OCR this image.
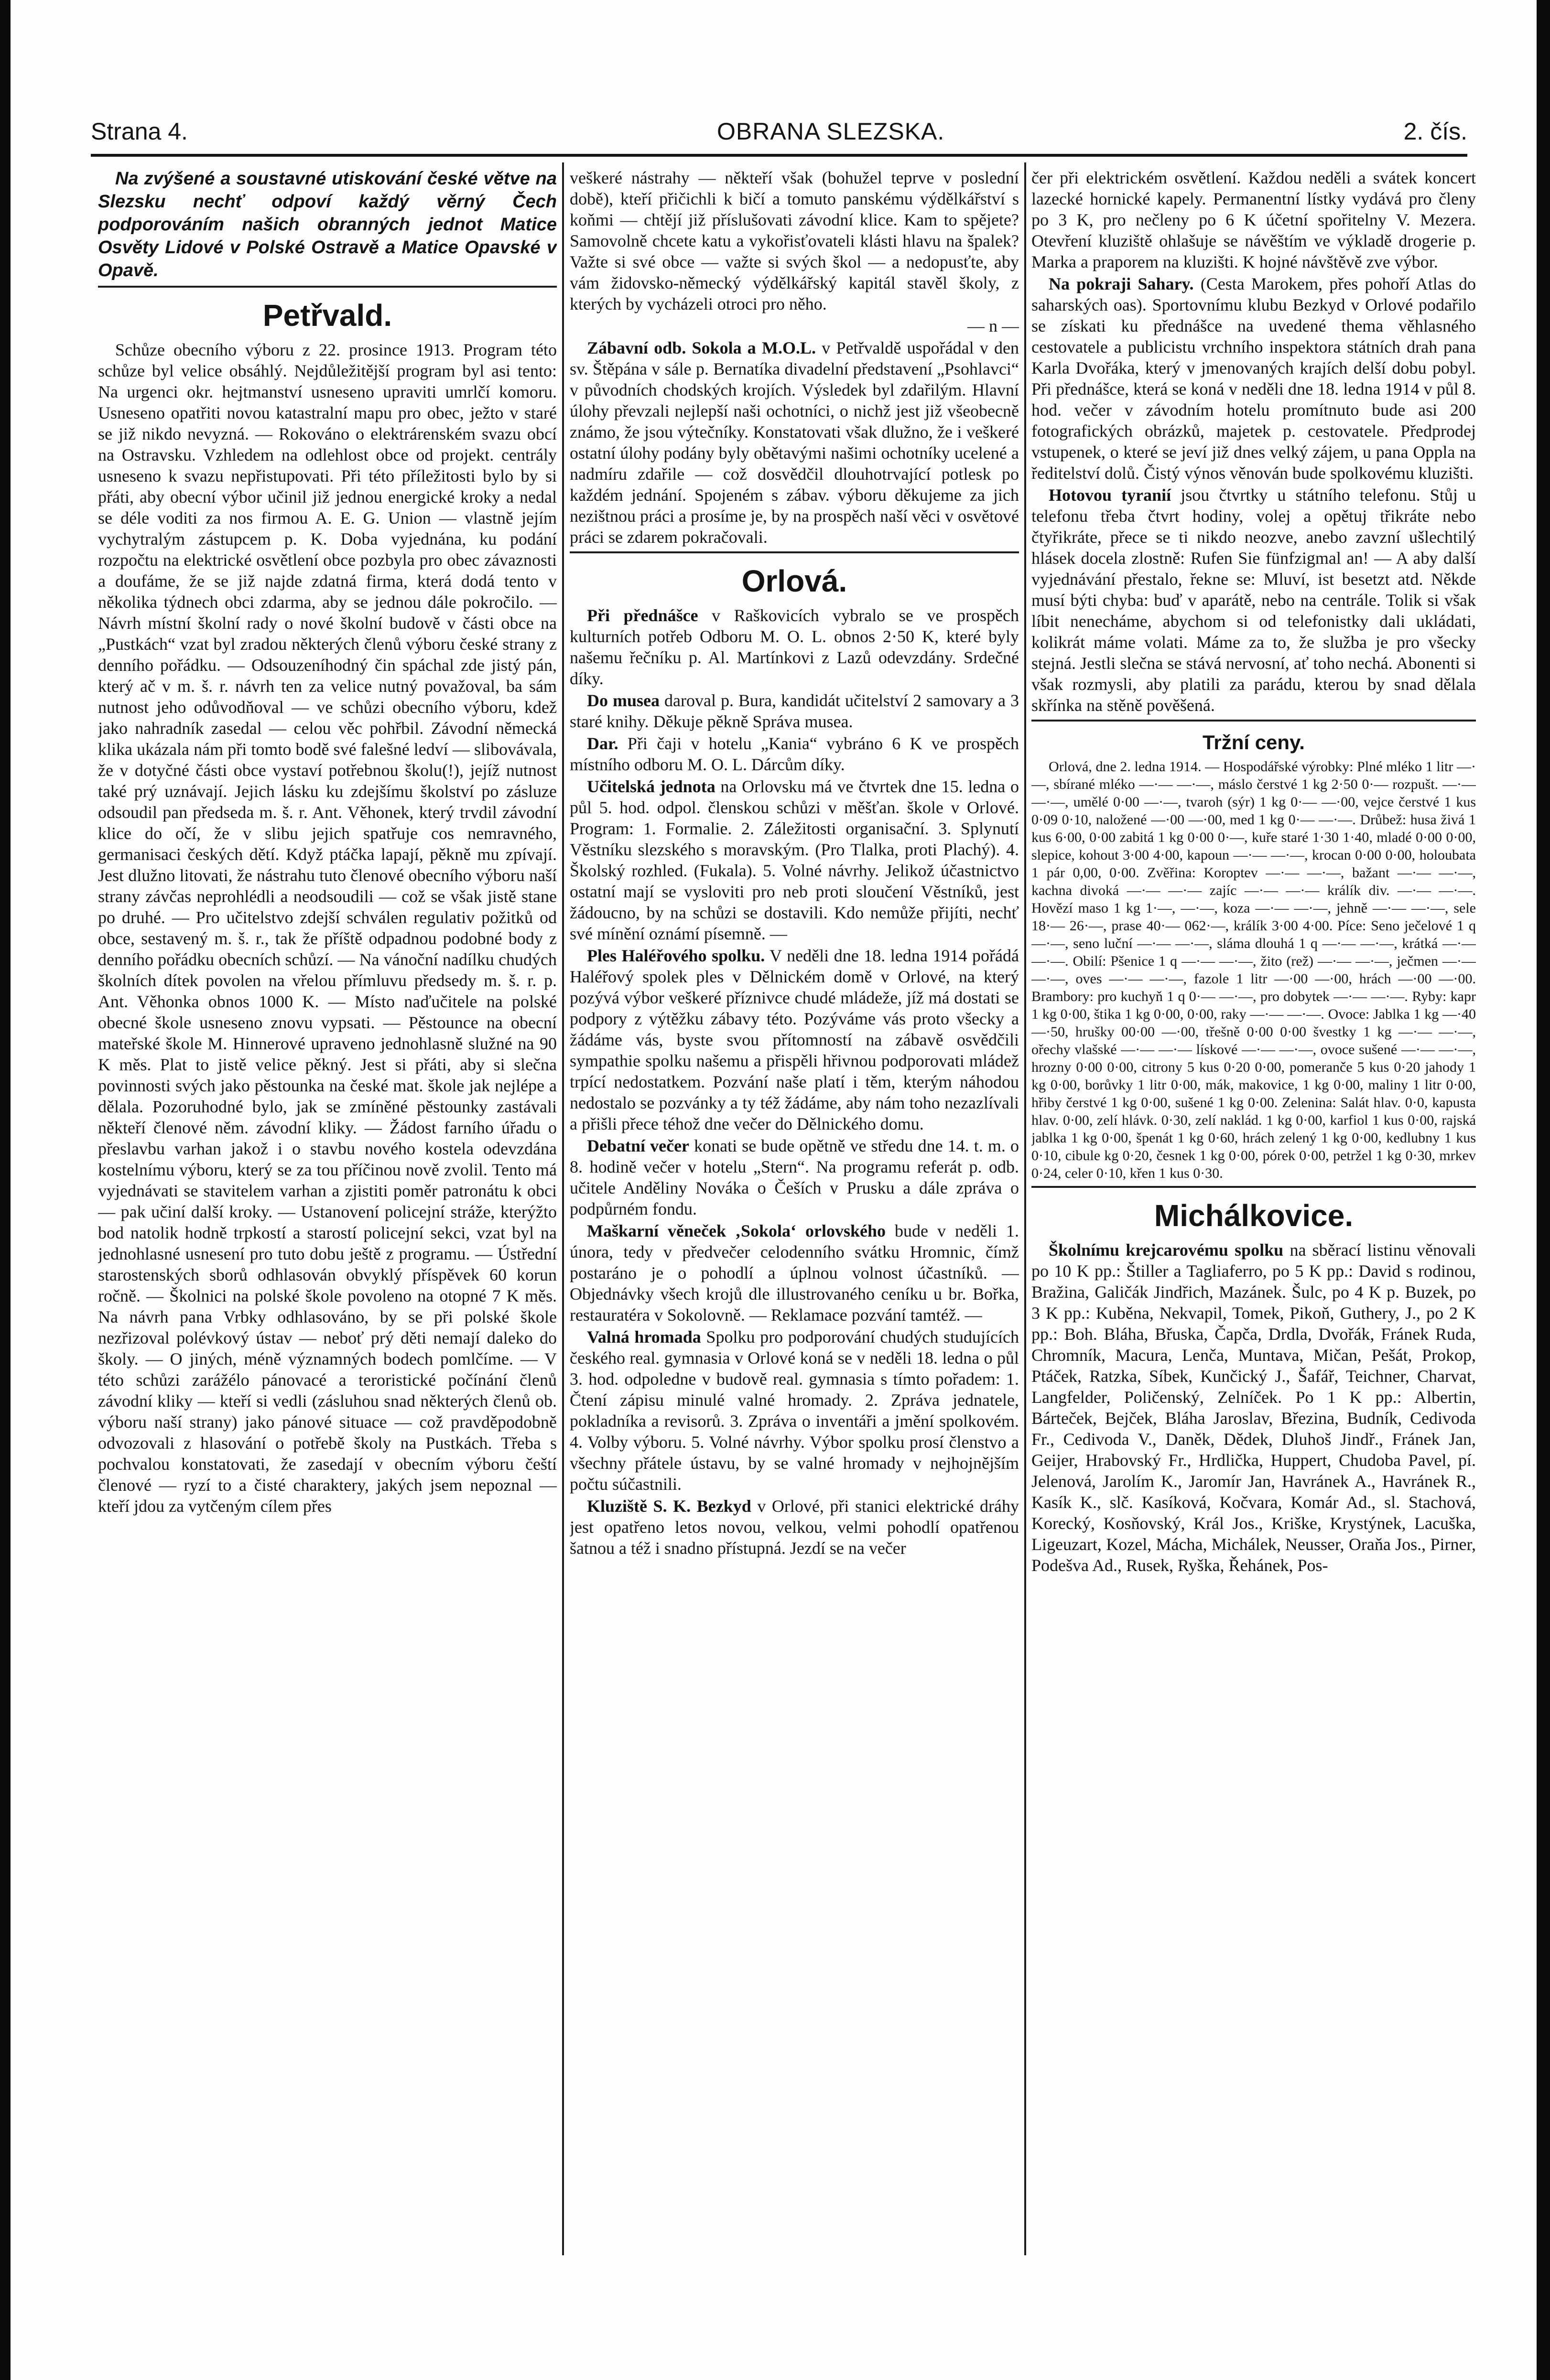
Strana 4.	OBRANA SLEZSKA.	2. čís.

Na zvýšené a soustavné utiskování české větve na Slezsku nechť odpoví každý věrný Čech podporováním našich obranných jednot Matice Osvěty Lidové v Polské Ostravě a Matice Opavské v Opavě.

Petřvald.

Schůze obecního výboru z 22. prosince 1913. Program této schůze byl velice obsáhlý. Nejdůležitější program byl asi tento: Na urgenci okr. hejtmanství usneseno upraviti umrlčí komoru. Usneseno opatřiti novou katastralní mapu pro obec, ježto v staré se již nikdo nevyzná. — Rokováno o elektrárenském svazu obcí na Ostravsku. Vzhledem na odlehlost obce od projekt. centrály usneseno k svazu nepřistupovati. Při této příležitosti bylo by si přáti, aby obecní výbor učinil již jednou energické kroky a nedal se déle voditi za nos firmou A. E. G. Union — vlastně jejím vychytralým zástupcem p. K. Doba vyjednána, ku podání rozpočtu na elektrické osvětlení obce pozbyla pro obec závaznosti a doufáme, že se již najde zdatná firma, která dodá tento v několika týdnech obci zdarma, aby se jednou dále pokročilo. — Návrh místní školní rady o nové školní budově v části obce na „Pustkách“ vzat byl zradou některých členů výboru české strany z denního pořádku. — Odsouzeníhodný čin spáchal zde jistý pán, který ač v m. š. r. návrh ten za velice nutný považoval, ba sám nutnost jeho odůvodňoval — ve schůzi obecního výboru, kdež jako nahradník zasedal — celou věc pohřbil. Závodní německá klika ukázala nám při tomto bodě své falešné ledví — slibovávala, že v dotyčné části obce vystaví potřebnou školu(!), jejíž nutnost také prý uznávají. Jejich lásku ku zdejšímu školství po zásluze odsoudil pan předseda m. š. r. Ant. Věhonek, který trvdil závodní klice do očí, že v slibu jejich spatřuje cos nemravného, germanisaci českých dětí. Když ptáčka lapají, pěkně mu zpívají. Jest dlužno litovati, že nástrahu tuto členové obecního výboru naší strany závčas neprohlédli a neodsoudili — což se však jistě stane po druhé. — Pro učitelstvo zdejší schválen regulativ požitků od obce, sestavený m. š. r., tak že příště odpadnou podobné body z denního pořádku obecních schůzí. — Na vánoční nadílku chudých školních dítek povolen na vřelou přímluvu předsedy m. š. r. p. Ant. Věhonka obnos 1000 K. — Místo naďučitele na polské obecné škole usneseno znovu vypsati. — Pěstounce na obecní mateřské škole M. Hinnerové upraveno jednohlasně služné na 90 K měs. Plat to jistě velice pěkný. Jest si přáti, aby si slečna povinnosti svých jako pěstounka na české mat. škole jak nejlépe a dělala. Pozoruhodné bylo, jak se zmíněné pěstounky zastávali někteří členové něm. závodní kliky. — Žádost farního úřadu o přeslavbu varhan jakož i o stavbu nového kostela odevzdána kostelnímu výboru, který se za tou příčinou nově zvolil. Tento má vyjednávati se stavitelem varhan a zjistiti poměr patronátu k obci — pak učiní další kroky. — Ustanovení policejní stráže, kterýžto bod natolik hodně trpkostí a starostí policejní sekci, vzat byl na jednohlasné usnesení pro tuto dobu ještě z programu. — Ústřední starostenských sborů odhlasován obvyklý příspěvek 60 korun ročně. — Školnici na polské škole povoleno na otopné 7 K měs. Na návrh pana Vrbky odhlasováno, by se při polské škole nezřizoval polévkový ústav — neboť prý děti nemají daleko do školy. — O jiných, méně významných bodech pomlčíme. — V této schůzi zarážélo pánovacé a teroristické počínání členů závodní kliky — kteří si vedli (zásluhou snad některých členů ob. výboru naší strany) jako pánové situace — což pravděpodobně odvozovali z hlasování o potřebě školy na Pustkách. Třeba s pochvalou konstatovati, že zasedají v obecním výboru čeští členové — ryzí to a čisté charaktery, jakých jsem nepoznal — kteří jdou za vytčeným cílem přes

veškeré nástrahy — někteří však (bohužel teprve v poslední době), kteří přičichli k bičí a tomuto panskému výdělkářství s koňmi — chtějí již příslušovati závodní klice. Kam to spějete? Samovolně chcete katu a vykořisťovateli klásti hlavu na špalek? Važte si své obce — važte si svých škol — a nedopusťte, aby vám židovsko-německý výdělkářský kapitál stavěl školy, z kterých by vycházeli otroci pro něho.

— n —

Zábavní odb. Sokola a M.O.L. v Petřvaldě uspořádal v den sv. Štěpána v sále p. Bernatíka divadelní představení „Psohlavci“ v původních chodských krojích. Výsledek byl zdařilým. Hlavní úlohy převzali nejlepší naši ochotníci, o nichž jest již všeobecně známo, že jsou výtečníky. Konstatovati však dlužno, že i veškeré ostatní úlohy podány byly obětavými našimi ochotníky ucelené a nadmíru zdařile — což dosvědčil dlouhotrvající potlesk po každém jednání. Spojeném s zábav. výboru děkujeme za jich nezištnou práci a prosíme je, by na prospěch naší věci v osvětové práci se zdarem pokračovali.

Orlová.

Při přednášce v Raškovicích vybralo se ve prospěch kulturních potřeb Odboru M. O. L. obnos 2·50 K, které byly našemu řečníku p. Al. Martínkovi z Lazů odevzdány. Srdečné díky.

Do musea daroval p. Bura, kandidát učitelství 2 samovary a 3 staré knihy. Děkuje pěkně Správa musea.

Dar. Při čaji v hotelu „Kania“ vybráno 6 K ve prospěch místního odboru M. O. L. Dárcům díky.

Učitelská jednota na Orlovsku má ve čtvrtek dne 15. ledna o půl 5. hod. odpol. členskou schůzi v měšťan. škole v Orlové. Program: 1. Formalie. 2. Záležitosti organisační. 3. Splynutí Věstníku slezského s moravským. (Pro Tlalka, proti Plachý). 4. Školský rozhled. (Fukala). 5. Volné návrhy. Jelikož účastnictvo ostatní mají se vysloviti pro neb proti sloučení Věstníků, jest žádoucno, by na schůzi se dostavili. Kdo nemůže přijíti, nechť své mínění oznámí písemně. —

Ples Haléřového spolku. V neděli dne 18. ledna 1914 pořádá Haléřový spolek ples v Dělnickém domě v Orlové, na který pozývá výbor veškeré příznivce chudé mládeže, jíž má dostati se podpory z výtěžku zábavy této. Pozýváme vás proto všecky a žádáme vás, byste svou přítomností na zábavě osvědčili sympathie spolku našemu a přispěli hřivnou podporovati mládež trpící nedostatkem. Pozvání naše platí i těm, kterým náhodou nedostalo se pozvánky a ty též žádáme, aby nám toho nezazlívali a přišli přece téhož dne večer do Dělnického domu.

Debatní večer konati se bude opětně ve středu dne 14. t. m. o 8. hodině večer v hotelu „Stern“. Na programu referát p. odb. učitele Anděliny Nováka o Češích v Prusku a dále zpráva o podpůrném fondu.

Maškarní věneček ‚Sokola‘ orlovského bude v neděli 1. února, tedy v předvečer celodenního svátku Hromnic, čímž postaráno je o pohodlí a úplnou volnost účastníků. — Objednávky všech krojů dle illustrovaného ceníku u br. Bořka, restauratéra v Sokolovně. — Reklamace pozvání tamtéž. —

Valná hromada Spolku pro podporování chudých studujících českého real. gymnasia v Orlové koná se v neděli 18. ledna o půl 3. hod. odpoledne v budově real. gymnasia s tímto pořadem: 1. Čtení zápisu minulé valné hromady. 2. Zpráva jednatele, pokladníka a revisorů. 3. Zpráva o inventáři a jmění spolkovém. 4. Volby výboru. 5. Volné návrhy. Výbor spolku prosí členstvo a všechny přátele ústavu, by se valné hromady v nejhojnějším počtu súčastnili.

Kluziště S. K. Bezkyd v Orlové, při stanici elektrické dráhy jest opatřeno letos novou, velkou, velmi pohodlí opatřenou šatnou a též i snadno přístupná. Jezdí se na večer

čer při elektrickém osvětlení. Každou neděli a svátek koncert lazecké hornické kapely. Permanentní lístky vydává pro členy po 3 K, pro nečleny po 6 K účetní spořitelny V. Mezera. Otevření kluziště ohlašuje se návěštím ve výkladě drogerie p. Marka a praporem na kluzišti. K hojné návštěvě zve výbor.

Na pokraji Sahary. (Cesta Marokem, přes pohoří Atlas do saharských oas). Sportovnímu klubu Bezkyd v Orlové podařilo se získati ku přednášce na uvedené thema věhlasného cestovatele a publicistu vrchního inspektora státních drah pana Karla Dvořáka, který v jmenovaných krajích delší dobu pobyl. Při přednášce, která se koná v neděli dne 18. ledna 1914 v půl 8. hod. večer v závodním hotelu promítnuto bude asi 200 fotografických obrázků, majetek p. cestovatele. Předprodej vstupenek, o které se jeví již dnes velký zájem, u pana Oppla na ředitelství dolů. Čistý výnos věnován bude spolkovému kluzišti.

Hotovou tyranií jsou čtvrtky u státního telefonu. Stůj u telefonu třeba čtvrt hodiny, volej a opětuj třikráte nebo čtyřikráte, přece se ti nikdo neozve, anebo zavzní ušlechtilý hlásek docela zlostně: Rufen Sie fünfzigmal an! — A aby další vyjednávání přestalo, řekne se: Mluví, ist besetzt atd. Někde musí býti chyba: buď v aparátě, nebo na centrále. Tolik si však líbit nenecháme, abychom si od telefonistky dali ukládati, kolikrát máme volati. Máme za to, že služba je pro všecky stejná. Jestli slečna se stává nervosní, ať toho nechá. Abonenti si však rozmysli, aby platili za parádu, kterou by snad dělala skřínka na stěně pověšená.

Tržní ceny.

Orlová, dne 2. ledna 1914. — Hospodářské výrobky: Plné mléko 1 litr —·—, sbírané mléko —·— —·—, máslo čerstvé 1 kg 2·50 0·— rozpušt. —·— —·—, umělé 0·00 —·—, tvaroh (sýr) 1 kg 0·— —·00, vejce čerstvé 1 kus 0·09 0·10, naložené —·00 —·00, med 1 kg 0·— —·—. Drůbež: husa živá 1 kus 6·00, 0·00 zabitá 1 kg 0·00 0·—, kuře staré 1·30 1·40, mladé 0·00 0·00, slepice, kohout 3·00 4·00, kapoun —·— —·—, krocan 0·00 0·00, holoubata 1 pár 0,00, 0·00. Zvěřina: Koroptev —·— —·—, bažant —·— —·—, kachna divoká —·— —·— zajíc —·— —·— králík div. —·— —·—. Hovězí maso 1 kg 1·—, —·—, koza —·— —·—, jehně —·— —·—, sele 18·— 26·—, prase 40·— 062·—, králík 3·00 4·00. Píce: Seno ječelové 1 q —·—, seno luční —·— —·—, sláma dlouhá 1 q —·— —·—, krátká —·— —·—. Obilí: Pšenice 1 q —·— —·—, žito (rež) —·— —·—, ječmen —·— —·—, oves —·— —·—, fazole 1 litr —·00 —·00, hrách —·00 —·00. Brambory: pro kuchyň 1 q 0·— —·—, pro dobytek —·— —·—. Ryby: kapr 1 kg 0·00, štika 1 kg 0·00, 0·00, raky —·— —·—. Ovoce: Jablka 1 kg —·40 —·50, hrušky 00·00 —·00, třešně 0·00 0·00 švestky 1 kg —·— —·—, ořechy vlašské —·— —·— lískové —·— —·—, ovoce sušené —·— —·—, hrozny 0·00 0·00, citrony 5 kus 0·20 0·00, pomeranče 5 kus 0·20 jahody 1 kg 0·00, borůvky 1 litr 0·00, mák, makovice, 1 kg 0·00, maliny 1 litr 0·00, hřiby čerstvé 1 kg 0·00, sušené 1 kg 0·00. Zelenina: Salát hlav. 0·0, kapusta hlav. 0·00, zelí hlávk. 0·30, zelí naklád. 1 kg 0·00, karfiol 1 kus 0·00, rajská jablka 1 kg 0·00, špenát 1 kg 0·60, hrách zelený 1 kg 0·00, kedlubny 1 kus 0·10, cibule kg 0·20, česnek 1 kg 0·00, pórek 0·00, petržel 1 kg 0·30, mrkev 0·24, celer 0·10, křen 1 kus 0·30.

Michálkovice.

Školnímu krejcarovému spolku na sběrací listinu věnovali po 10 K pp.: Štiller a Tagliaferro, po 5 K pp.: David s rodinou, Bražina, Galičák Jindřich, Mazánek. Šulc, po 4 K p. Buzek, po 3 K pp.: Kuběna, Nekvapil, Tomek, Pikoň, Guthery, J., po 2 K pp.: Boh. Bláha, Břuska, Čapča, Drdla, Dvořák, Fránek Ruda, Chromník, Macura, Lenča, Muntava, Mičan, Pešát, Prokop, Ptáček, Ratzka, Síbek, Kunčický J., Šafář, Teichner, Charvat, Langfelder, Poličenský, Zelníček. Po 1 K pp.: Albertin, Bárteček, Bejček, Bláha Jaroslav, Březina, Budník, Cedivoda Fr., Cedivoda V., Daněk, Dědek, Dluhoš Jindř., Fránek Jan, Geijer, Hrabovský Fr., Hrdlička, Huppert, Chudoba Pavel, pí. Jelenová, Jarolím K., Jaromír Jan, Havránek A., Havránek R., Kasík K., slč. Kasíková, Kočvara, Komár Ad., sl. Stachová, Korecký, Kosňovský, Král Jos., Kriške, Krystýnek, Lacuška, Ligeuzart, Kozel, Mácha, Michálek, Neusser, Oraňa Jos., Pirner, Podešva Ad., Rusek, Ryška, Řehánek, Pos-
